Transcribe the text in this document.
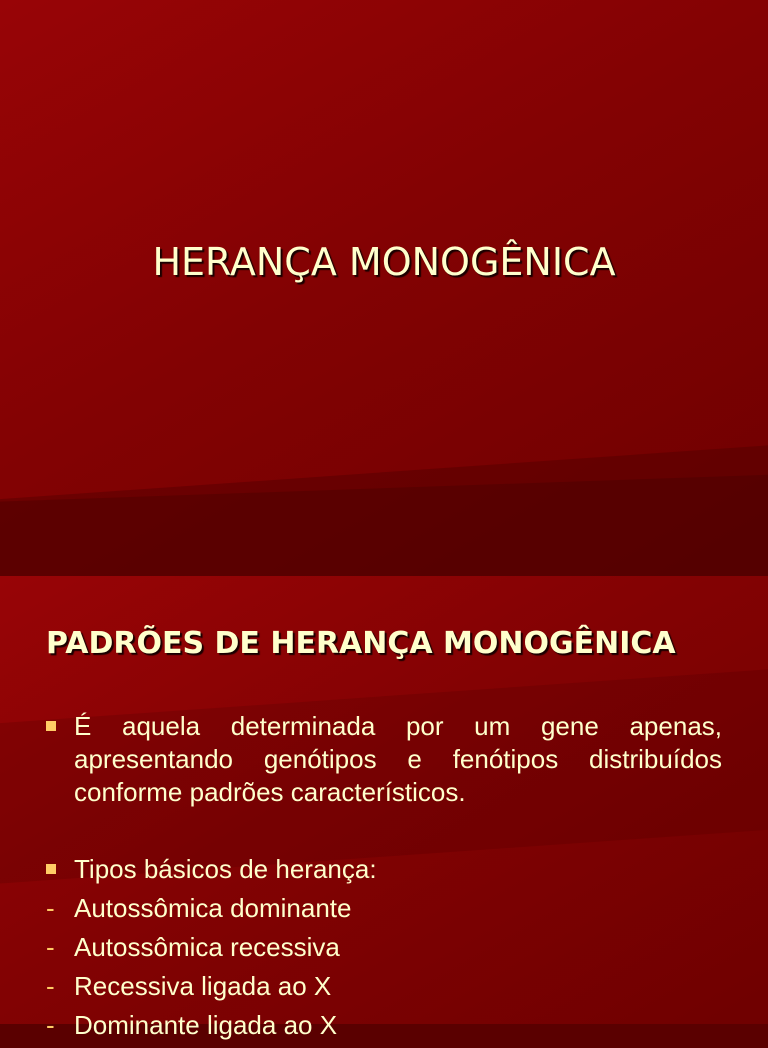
HERANÇA MONOGÊNICA
PADRÕES DE HERANÇA MONOGÊNICA
É aquela determinada por um gene apenas, apresentando genótipos e fenótipos distribuídos conforme padrões característicos.
Tipos básicos de herança:
- Autossômica dominante
- Autossômica recessiva
- Recessiva ligada ao X
- Dominante ligada ao X
